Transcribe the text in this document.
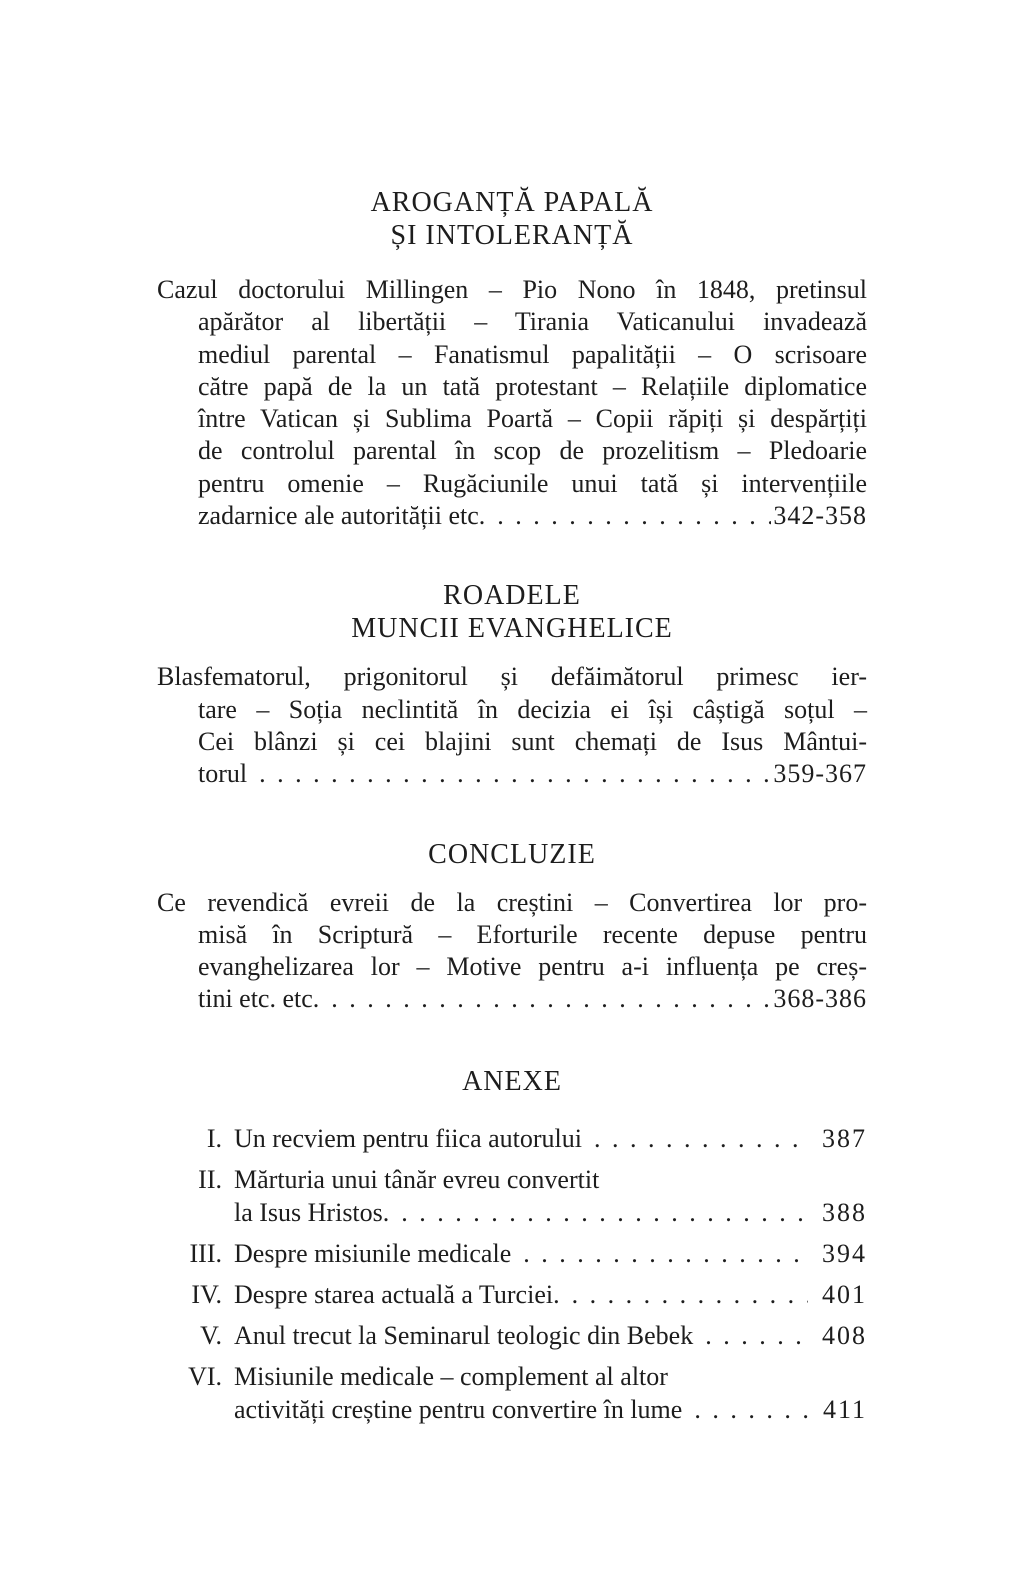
AROGANȚĂ PAPALĂ
ȘI INTOLERANȚĂ
Cazul doctorului Millingen – Pio Nono în 1848, pretinsul
apărător al libertății – Tirania Vaticanului invadează
mediul parental – Fanatismul papalității – O scrisoare
către papă de la un tată protestant – Relațiile diplomatice
între Vatican și Sublima Poartă – Copii răpiți și despărțiți
de controlul parental în scop de prozelitism – Pledoarie
pentru omenie – Rugăciunile unui tată și intervențiile
zadarnice ale autorității etc. .....	342-358
ROADELE
MUNCII EVANGHELICE
Blasfematorul, prigonitorul și defăimătorul primesc ier-
tare – Soția neclintită în decizia ei își câștigă soțul –
Cei blânzi și cei blajini sunt chemați de Isus Mântui-
torul .....	359-367
CONCLUZIE
Ce revendică evreii de la creștini – Convertirea lor pro-
misă în Scriptură – Eforturile recente depuse pentru
evanghelizarea lor – Motive pentru a-i influența pe creș-
tini etc. etc. .....	368-386
ANEXE
I. Un recviem pentru fiica autorului .....	387
II. Mărturia unui tânăr evreu convertit
la Isus Hristos. .....	388
III. Despre misiunile medicale .....	394
IV. Despre starea actuală a Turciei. .....	401
V. Anul trecut la Seminarul teologic din Bebek .....	408
VI. Misiunile medicale – complement al altor
activități creștine pentru convertire în lume .....	411
